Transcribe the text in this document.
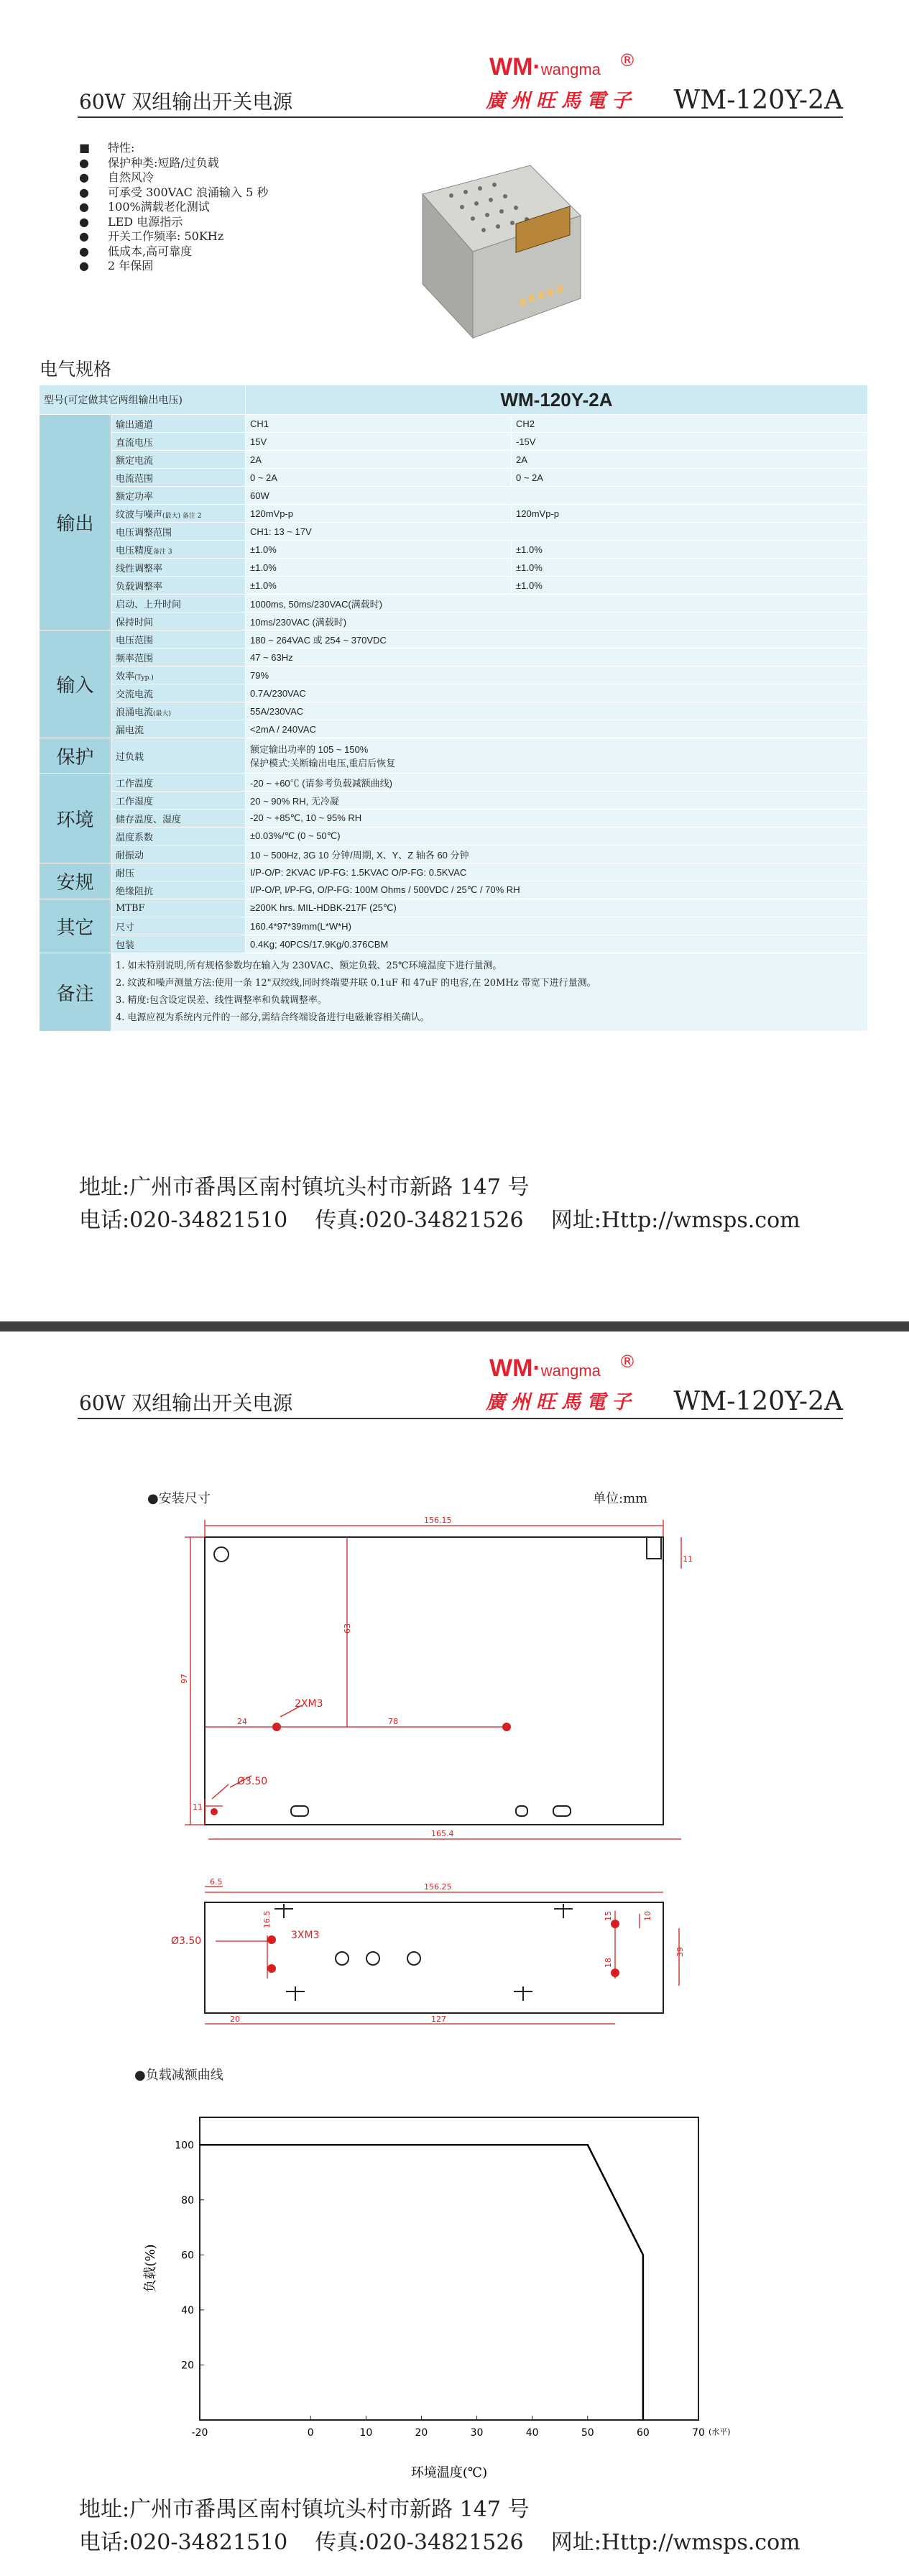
60W 双组输出开关电源
WM·wangma ®
廣州旺馬電子 WM-120Y-2A
■ 特性:
● 保护种类:短路/过负载
● 自然风冷
● 可承受 300VAC 浪涌输入 5 秒
● 100%满载老化测试
● LED 电源指示
● 开关工作频率: 50KHz
● 低成本,高可靠度
● 2 年保固
电气规格
型号(可定做其它两组输出电压)		WM-120Y-2A	
输出	输出通道	CH1	CH2
	直流电压	15V	-15V
	额定电流	2A	2A
	电流范围	0 ~ 2A	0 ~ 2A
	额定功率	60W	
	纹波与噪声(最大) 备注 2	120mVp-p	120mVp-p
	电压调整范围	CH1: 13 ~ 17V	
	电压精度备注 3	±1.0%	±1.0%
	线性调整率	±1.0%	±1.0%
	负载调整率	±1.0%	±1.0%
	启动、上升时间	1000ms, 50ms/230VAC(满载时)	
	保持时间	10ms/230VAC (满载时)	
输入	电压范围	180 ~ 264VAC 或 254 ~ 370VDC	
	频率范围	47 ~ 63Hz	
	效率(Typ.)	79%	
	交流电流	0.7A/230VAC	
	浪涌电流(最大)	55A/230VAC	
	漏电流	<2mA / 240VAC	
保护	过负载	额定输出功率的 105 ~ 150%
保护模式:关断输出电压,重启后恢复	

环境	工作温度	-20 ~ +60℃ (请参考负载减额曲线)	
	工作湿度	20 ~ 90% RH, 无冷凝	
	储存温度、湿度	-20 ~ +85℃, 10 ~ 95% RH	
	温度系数	±0.03%/℃ (0 ~ 50℃)	
	耐振动	10 ~ 500Hz, 3G 10 分钟/周期, X、Y、Z 轴各 60 分钟	
安规	耐压	I/P-O/P: 2KVAC I/P-FG: 1.5KVAC O/P-FG: 0.5KVAC	
	绝缘阻抗	I/P-O/P, I/P-FG, O/P-FG: 100M Ohms / 500VDC / 25℃ / 70% RH	
其它	MTBF	≥200K hrs. MIL-HDBK-217F (25℃)	
	尺寸	160.4*97*39mm(L*W*H)	
	包装	0.4Kg; 40PCS/17.9Kg/0.376CBM	
备注	1. 如未特别说明,所有规格参数均在输入为 230VAC、额定负载、25℃环境温度下进行量测。
2. 纹波和噪声测量方法:使用一条 12"双绞线,同时终端要并联 0.1uF 和 47uF 的电容,在 20MHz 带宽下进行量测。
3. 精度:包含设定误差、线性调整率和负载调整率。
4. 电源应视为系统内元件的一部分,需结合终端设备进行电磁兼容相关确认。		
地址:广州市番禺区南村镇坑头村市新路 147 号
电话:020-34821510 传真:020-34821526 网址:Http://wmsps.com
60W 双组输出开关电源
WM·wangma ®
廣州旺馬電子 WM-120Y-2A
●安装尺寸	单位:mm
156.15
97
63
24	78
2XM3
Ø3.50
165.4
11
11
156.25
6.5
20	127
3XM3
Ø3.50
16.5	15
18
39
10
●负载减额曲线
-20	0	10	20	30	40	50	60	70
20
40
60
80
100
环境温度(℃)
(水平)
负载(%)
地址:广州市番禺区南村镇坑头村市新路 147 号
电话:020-34821510 传真:020-34821526 网址:Http://wmsps.com
